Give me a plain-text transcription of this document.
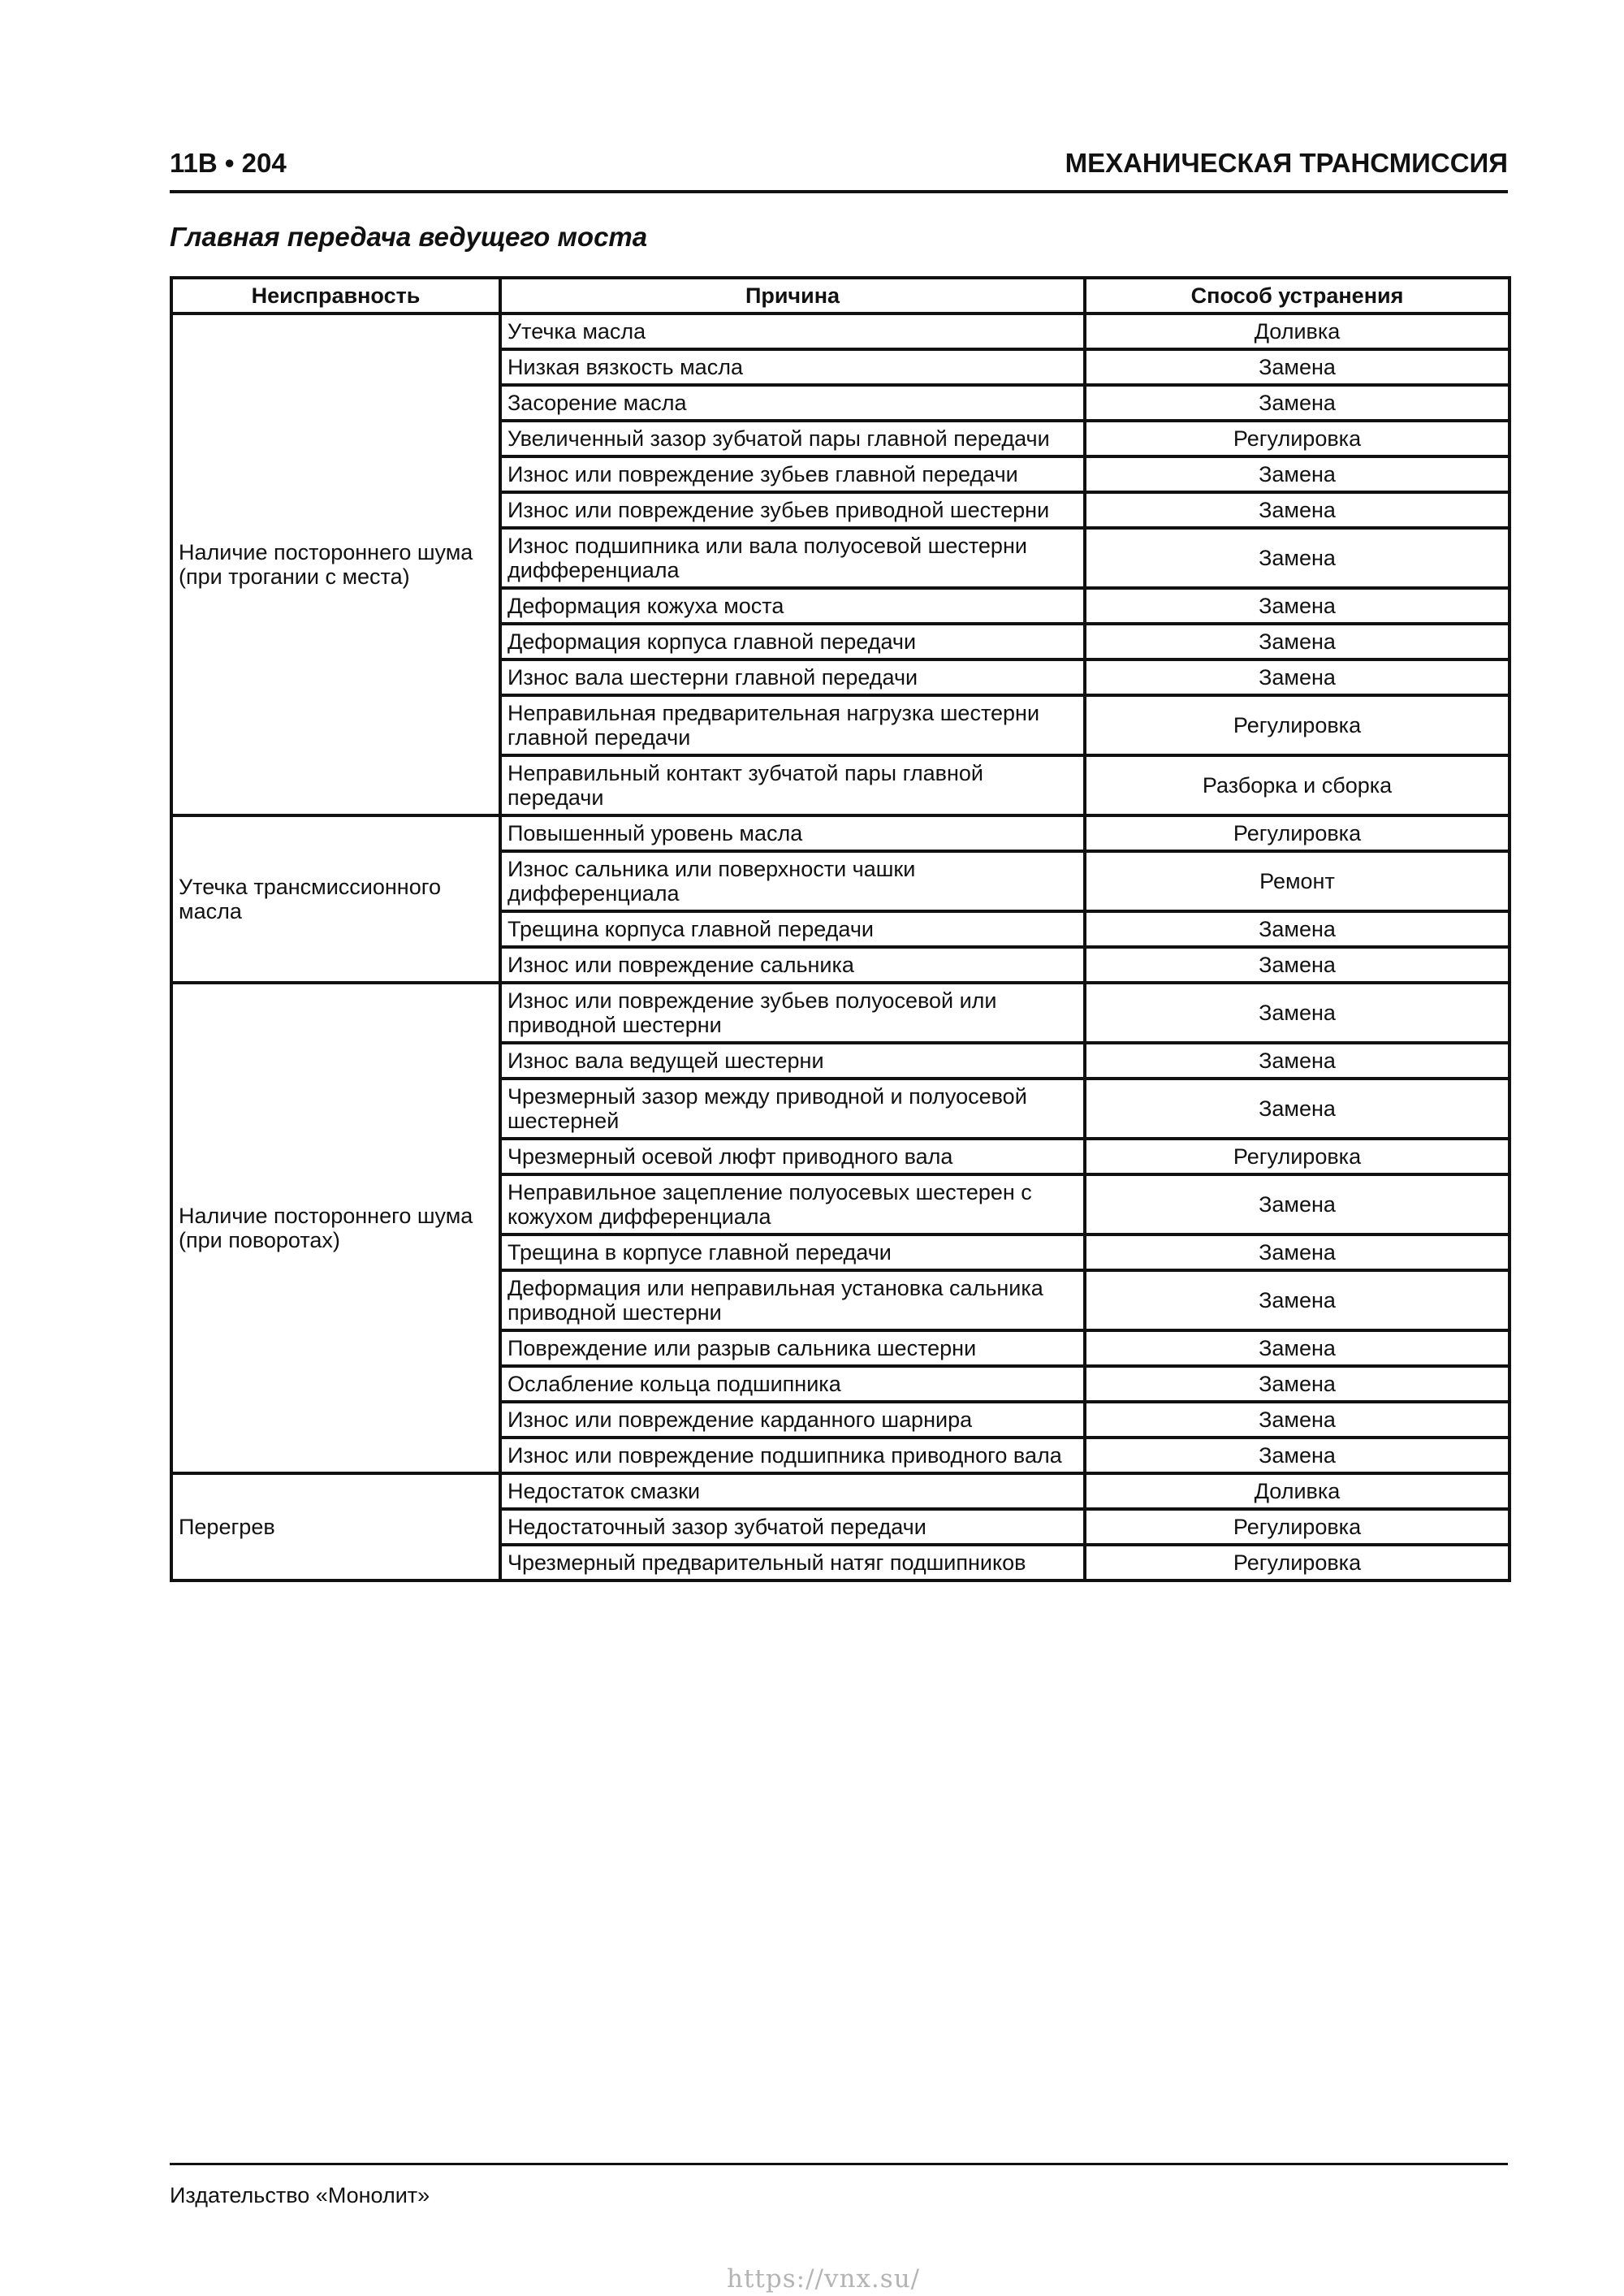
11B • 204	МЕХАНИЧЕСКАЯ ТРАНСМИССИЯ
Главная передача ведущего моста
Неисправность	Причина	Способ устранения
Наличие постороннего шума (при трогании с места)	Утечка масла	Доливка
	Низкая вязкость масла	Замена
	Засорение масла	Замена
	Увеличенный зазор зубчатой пары главной передачи	Регулировка
	Износ или повреждение зубьев главной передачи	Замена
	Износ или повреждение зубьев приводной шестерни	Замена
	Износ подшипника или вала полуосевой шестерни дифференциала	Замена
	Деформация кожуха моста	Замена
	Деформация корпуса главной передачи	Замена
	Износ вала шестерни главной передачи	Замена
	Неправильная предварительная нагрузка шестерни главной передачи	Регулировка
	Неправильный контакт зубчатой пары главной передачи	Разборка и сборка
Утечка трансмиссионного масла	Повышенный уровень масла	Регулировка
	Износ сальника или поверхности чашки дифференциала	Ремонт
	Трещина корпуса главной передачи	Замена
	Износ или повреждение сальника	Замена
Наличие постороннего шума (при поворотах)	Износ или повреждение зубьев полуосевой или приводной шестерни	Замена
	Износ вала ведущей шестерни	Замена
	Чрезмерный зазор между приводной и полуосевой шестерней	Замена
	Чрезмерный осевой люфт приводного вала	Регулировка
	Неправильное зацепление полуосевых шестерен с кожухом дифференциала	Замена
	Трещина в корпусе главной передачи	Замена
	Деформация или неправильная установка сальника приводной шестерни	Замена
	Повреждение или разрыв сальника шестерни	Замена
	Ослабление кольца подшипника	Замена
	Износ или повреждение карданного шарнира	Замена
	Износ или повреждение подшипника приводного вала	Замена
Перегрев	Недостаток смазки	Доливка
	Недостаточный зазор зубчатой передачи	Регулировка
	Чрезмерный предварительный натяг подшипников	Регулировка
Издательство «Монолит»
https://vnx.su/
